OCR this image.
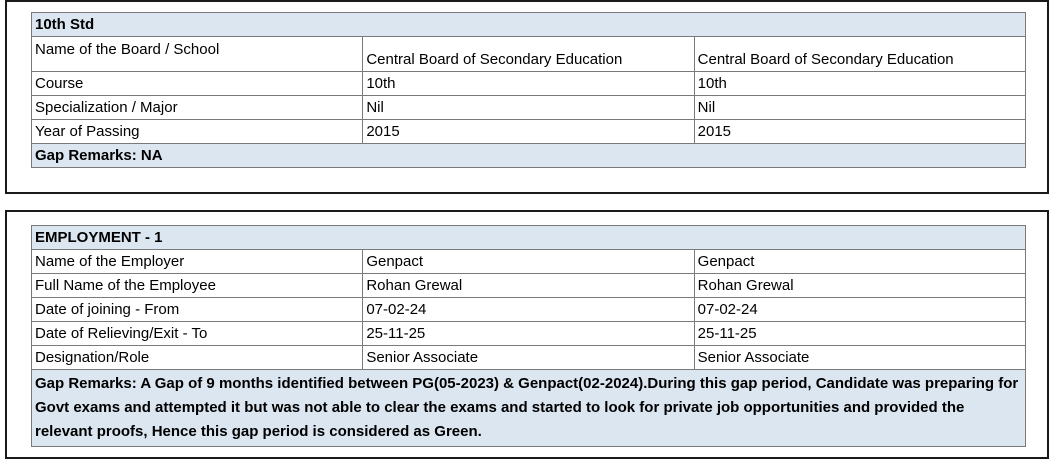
10th Std		
Name of the Board / School	Central Board of Secondary Education	Central Board of Secondary Education
Course	10th	10th
Specialization / Major	Nil	Nil
Year of Passing	2015	2015
Gap Remarks: NA		
EMPLOYMENT - 1		
Name of the Employer	Genpact	Genpact
Full Name of the Employee	Rohan Grewal	Rohan Grewal
Date of joining - From	07-02-24	07-02-24
Date of Relieving/Exit - To	25-11-25	25-11-25
Designation/Role	Senior Associate	Senior Associate
Gap Remarks: A Gap of 9 months identified between PG(05-2023) & Genpact(02-2024).During this gap period, Candidate was preparing for Govt exams and attempted it but was not able to clear the exams and started to look for private job opportunities and provided the relevant proofs, Hence this gap period is considered as Green.		
